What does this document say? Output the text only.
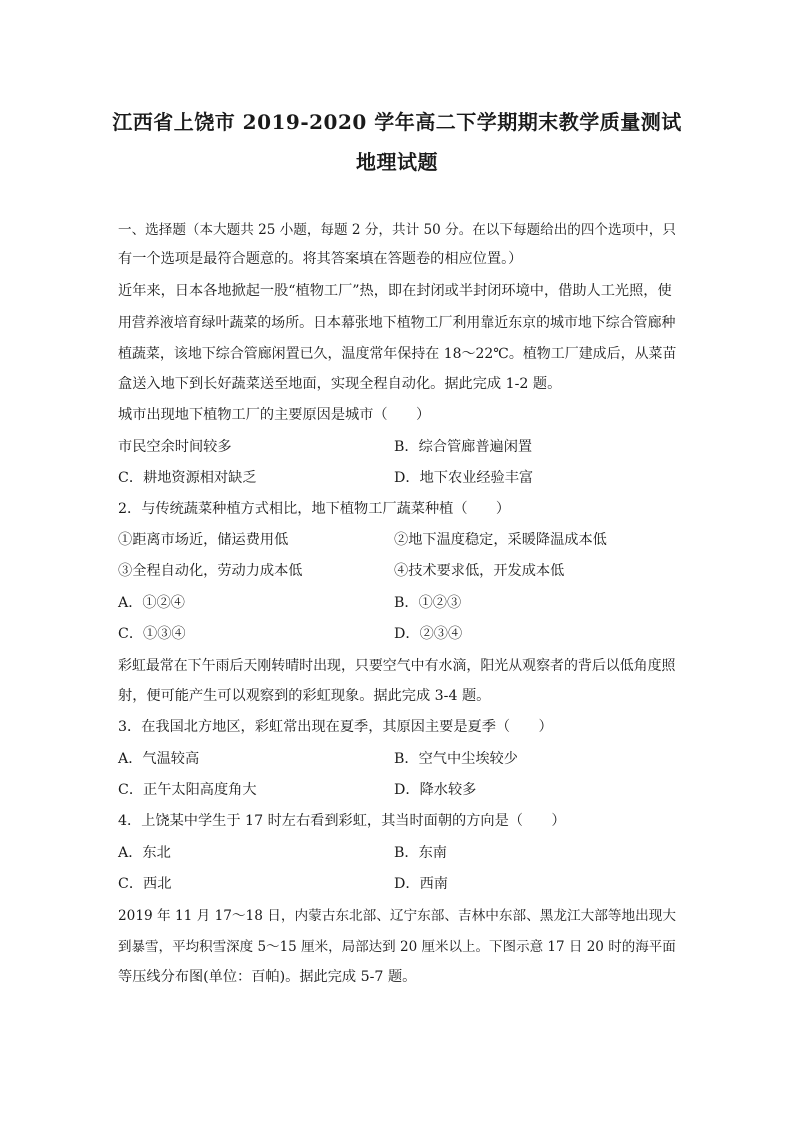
江西省上饶市 2019-2020 学年高二下学期期末教学质量测试
地理试题
一、选择题（本大题共 25 小题，每题 2 分，共计 50 分。在以下每题给出的四个选项中，只
有一个选项是最符合题意的。将其答案填在答题卷的相应位置。）
近年来，日本各地掀起一股“植物工厂”热，即在封闭或半封闭环境中，借助人工光照，使
用营养液培育绿叶蔬菜的场所。日本幕张地下植物工厂利用靠近东京的城市地下综合管廊种
植蔬菜，该地下综合管廊闲置已久，温度常年保持在 18～22℃。植物工厂建成后，从菜苗
盒送入地下到长好蔬菜送至地面，实现全程自动化。据此完成 1-2 题。
城市出现地下植物工厂的主要原因是城市（　　）
市民空余时间较多	B．综合管廊普遍闲置
C．耕地资源相对缺乏	D．地下农业经验丰富
2．与传统蔬菜种植方式相比，地下植物工厂蔬菜种植（　　）
①距离市场近，储运费用低	②地下温度稳定，采暖降温成本低
③全程自动化，劳动力成本低	④技术要求低，开发成本低
A．①②④	B．①②③
C．①③④	D．②③④
彩虹最常在下午雨后天刚转晴时出现，只要空气中有水滴，阳光从观察者的背后以低角度照
射，便可能产生可以观察到的彩虹现象。据此完成 3-4 题。
3．在我国北方地区，彩虹常出现在夏季，其原因主要是夏季（　　）
A．气温较高	B．空气中尘埃较少
C．正午太阳高度角大	D．降水较多
4．上饶某中学生于 17 时左右看到彩虹，其当时面朝的方向是（　　）
A．东北	B．东南
C．西北	D．西南
2019 年 11 月 17～18 日，内蒙古东北部、辽宁东部、吉林中东部、黑龙江大部等地出现大
到暴雪，平均积雪深度 5～15 厘米，局部达到 20 厘米以上。下图示意 17 日 20 时的海平面
等压线分布图(单位：百帕)。据此完成 5-7 题。
